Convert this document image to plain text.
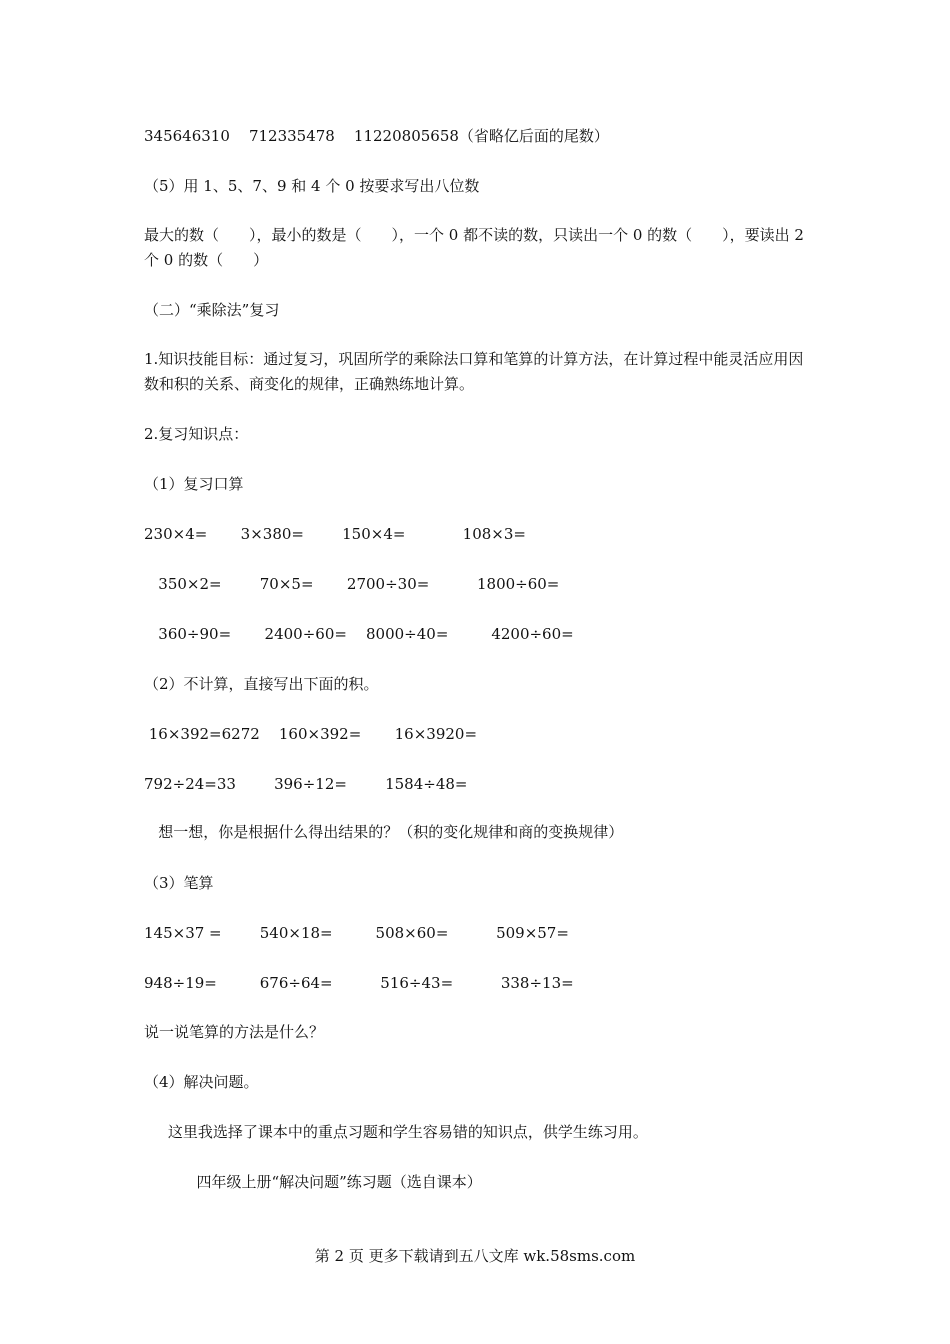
345646310    712335478    11220805658（省略亿后面的尾数）
（5）用 1、5、7、9 和 4 个 0 按要求写出八位数
最大的数（　　），最小的数是（　　），一个 0 都不读的数，只读出一个 0 的数（　　），要读出 2 个 0 的数（　　）
（二）“乘除法”复习
1.知识技能目标：通过复习，巩固所学的乘除法口算和笔算的计算方法，在计算过程中能灵活应用因数和积的关系、商变化的规律，正确熟练地计算。
2.复习知识点：
（1）复习口算
230×4=       3×380=        150×4=            108×3=
350×2=        70×5=       2700÷30=          1800÷60=
360÷90=       2400÷60=    8000÷40=         4200÷60=
（2）不计算，直接写出下面的积。
16×392=6272    160×392=       16×3920=
792÷24=33        396÷12=        1584÷48=
想一想，你是根据什么得出结果的？（积的变化规律和商的变换规律）
（3）笔算
145×37 =        540×18=         508×60=          509×57=
948÷19=         676÷64=          516÷43=          338÷13=
说一说笔算的方法是什么？
（4）解决问题。
这里我选择了课本中的重点习题和学生容易错的知识点，供学生练习用。
四年级上册“解决问题”练习题（选自课本）
第 2 页 更多下载请到五八文库 wk.58sms.com
